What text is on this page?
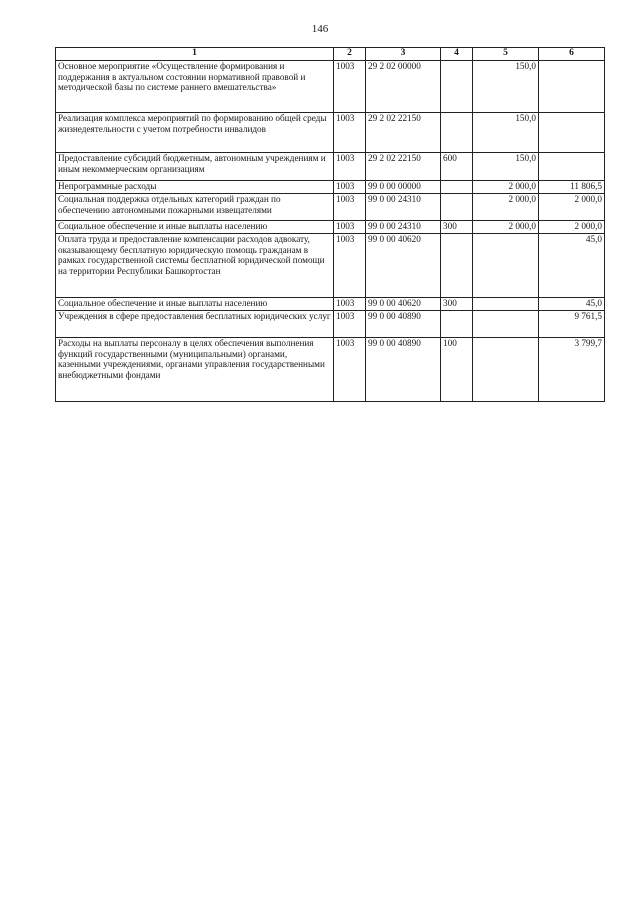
146
1	2	3	4	5	6
Основное мероприятие «Осуществление формирования и поддержания в актуальном состоянии нормативной правовой и методической базы по системе раннего вмешательства»	1003	29 2 02 00000		150,0	
Реализация комплекса мероприятий по формированию общей среды жизнедеятельности с учетом потребности инвалидов	1003	29 2 02 22150		150,0	
Предоставление субсидий бюджетным, автономным учреждениям и иным некоммерческим организациям	1003	29 2 02 22150	600	150,0	
Непрограммные расходы	1003	99 0 00 00000		2 000,0	11 806,5
Социальная поддержка отдельных категорий граждан по обеспечению автономными пожарными извещателями	1003	99 0 00 24310		2 000,0	2 000,0
Социальное обеспечение и иные выплаты населению	1003	99 0 00 24310	300	2 000,0	2 000,0
Оплата труда и предоставление компенсации расходов адвокату, оказывающему бесплатную юридическую помощь гражданам в рамках государственной системы бесплатной юридической помощи на территории Республики Башкортостан	1003	99 0 00 40620			45,0
Социальное обеспечение и иные выплаты населению	1003	99 0 00 40620	300		45,0
Учреждения в сфере предоставления бесплатных юридических услуг	1003	99 0 00 40890			9 761,5
Расходы на выплаты персоналу в целях обеспечения выполнения функций государственными (муниципальными) органами, казенными учреждениями, органами управления государственными внебюджетными фондами	1003	99 0 00 40890	100		3 799,7
